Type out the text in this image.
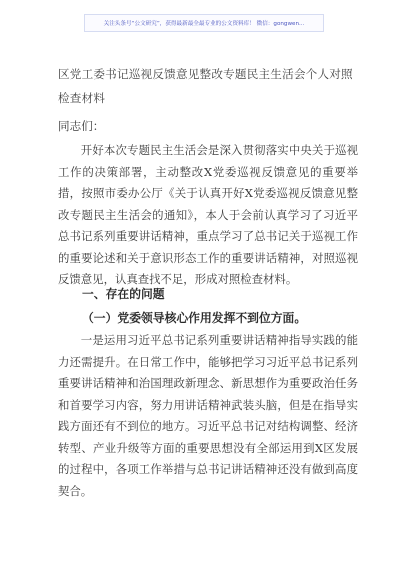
关注头条号“公文研究”，获得最新最全最专业的公文资料库！ 微信：gongwen...
区党工委书记巡视反馈意见整改专题民主生活会个人对照检查材料

同志们：

开好本次专题民主生活会是深入贯彻落实中央关于巡视工作的决策部署，主动整改X党委巡视反馈意见的重要举措，按照市委办公厅《关于认真开好X党委巡视反馈意见整改专题民主生活会的通知》，本人于会前认真学习了习近平总书记系列重要讲话精神，重点学习了总书记关于巡视工作的重要论述和关于意识形态工作的重要讲话精神，对照巡视反馈意见，认真查找不足，形成对照检查材料。

一、存在的问题
（一）党委领导核心作用发挥不到位方面。

一是运用习近平总书记系列重要讲话精神指导实践的能力还需提升。在日常工作中，能够把学习习近平总书记系列重要讲话精神和治国理政新理念、新思想作为重要政治任务和首要学习内容，努力用讲话精神武装头脑，但是在指导实践方面还有不到位的地方。习近平总书记对结构调整、经济转型、产业升级等方面的重要思想没有全部运用到X区发展的过程中，各项工作举措与总书记讲话精神还没有做到高度契合。
